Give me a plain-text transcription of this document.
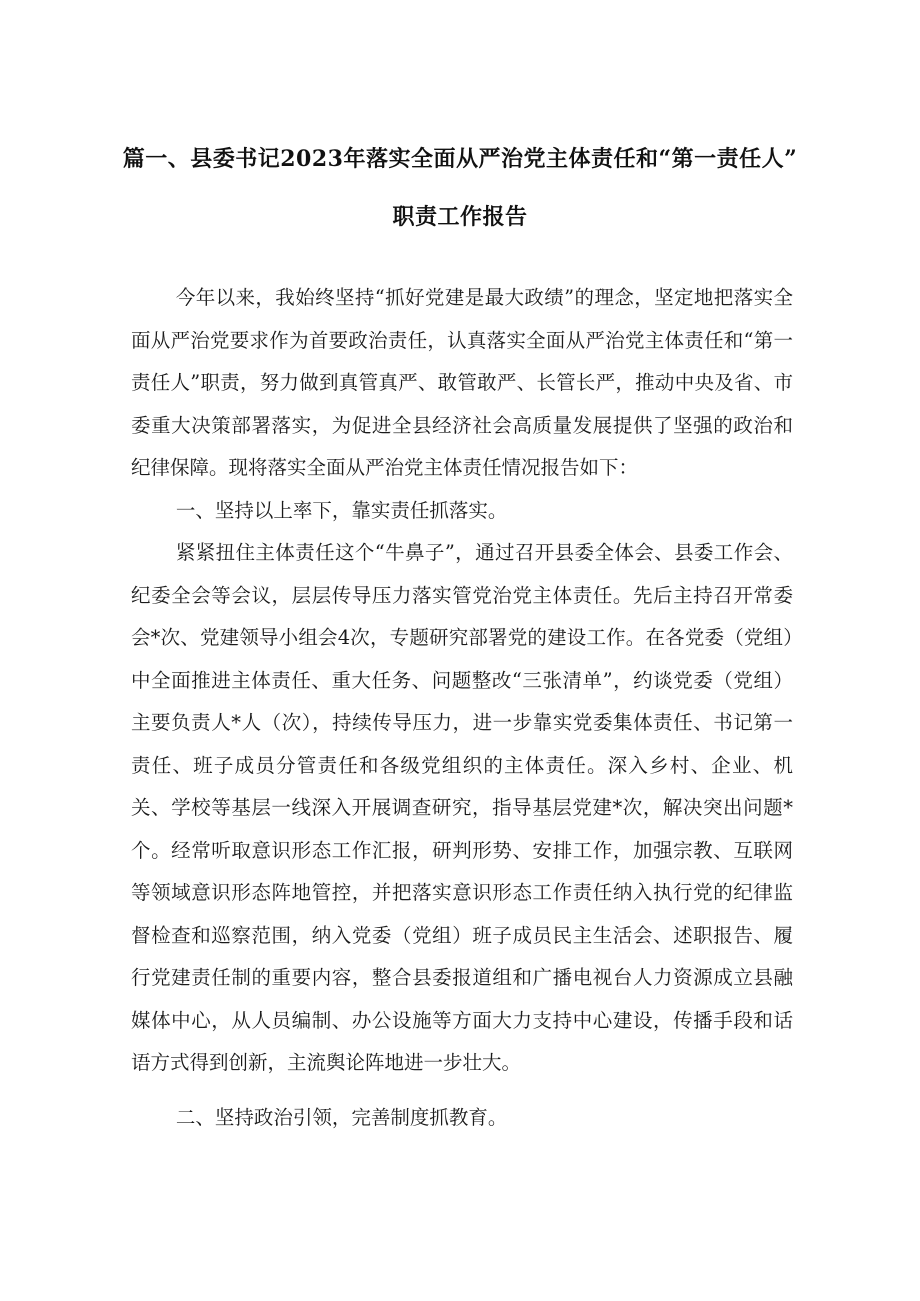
篇一、县委书记2023年落实全面从严治党主体责任和“第一责任人”
职责工作报告

今年以来，我始终坚持“抓好党建是最大政绩”的理念，坚定地把落实全面从严治党要求作为首要政治责任，认真落实全面从严治党主体责任和“第一责任人”职责，努力做到真管真严、敢管敢严、长管长严，推动中央及省、市委重大决策部署落实，为促进全县经济社会高质量发展提供了坚强的政治和纪律保障。现将落实全面从严治党主体责任情况报告如下：

一、坚持以上率下，靠实责任抓落实。

紧紧扭住主体责任这个“牛鼻子”，通过召开县委全体会、县委工作会、纪委全会等会议，层层传导压力落实管党治党主体责任。先后主持召开常委会*次、党建领导小组会4次，专题研究部署党的建设工作。在各党委（党组）中全面推进主体责任、重大任务、问题整改“三张清单”，约谈党委（党组）主要负责人*人（次），持续传导压力，进一步靠实党委集体责任、书记第一责任、班子成员分管责任和各级党组织的主体责任。深入乡村、企业、机关、学校等基层一线深入开展调查研究，指导基层党建*次，解决突出问题*个。经常听取意识形态工作汇报，研判形势、安排工作，加强宗教、互联网等领域意识形态阵地管控，并把落实意识形态工作责任纳入执行党的纪律监督检查和巡察范围，纳入党委（党组）班子成员民主生活会、述职报告、履行党建责任制的重要内容，整合县委报道组和广播电视台人力资源成立县融媒体中心，从人员编制、办公设施等方面大力支持中心建设，传播手段和话语方式得到创新，主流舆论阵地进一步壮大。

二、坚持政治引领，完善制度抓教育。
